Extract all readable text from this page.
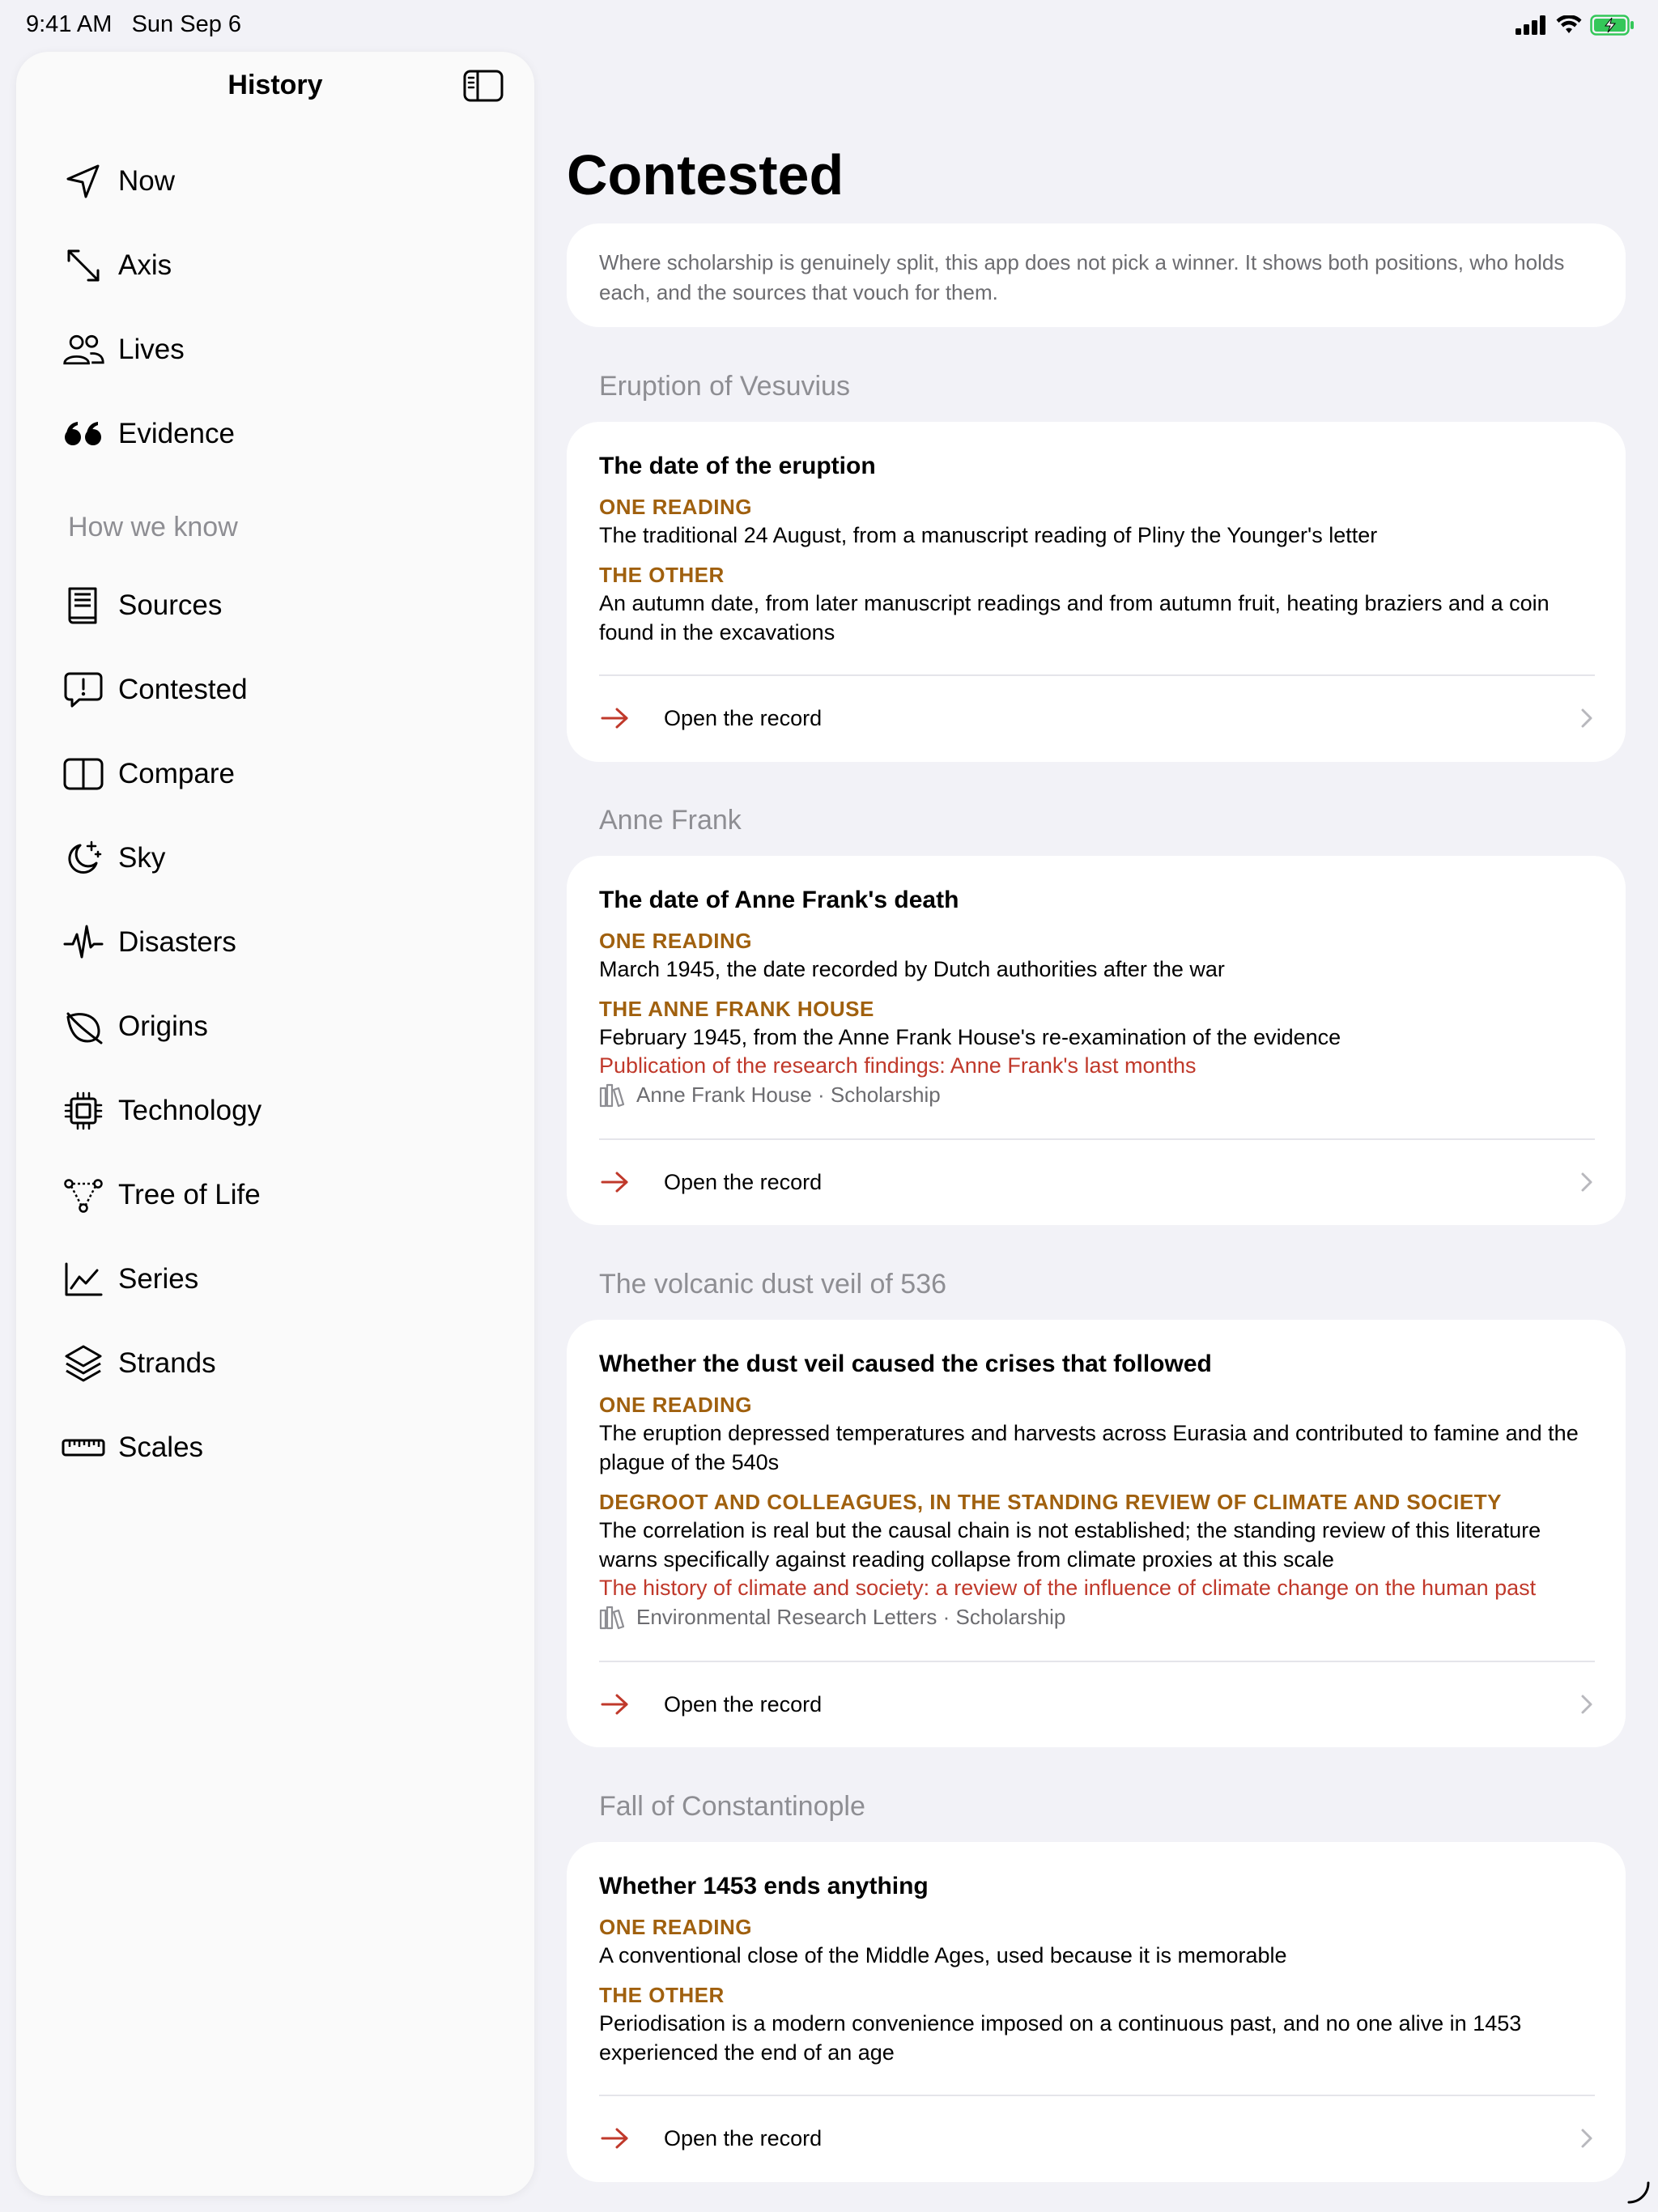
9:41 AM Sun Sep 6
History
Now
Axis
Lives
Evidence
How we know
Sources
Contested
Compare
Sky
Disasters
Origins
Technology
Tree of Life
Series
Strands
Scales
Contested
Where scholarship is genuinely split, this app does not pick a winner. It shows both positions, who holds each, and the sources that vouch for them.
Eruption of Vesuvius
The date of the eruption
ONE READING
The traditional 24 August, from a manuscript reading of Pliny the Younger's letter
THE OTHER
An autumn date, from later manuscript readings and from autumn fruit, heating braziers and a coin found in the excavations
Open the record
Anne Frank
The date of Anne Frank's death
ONE READING
March 1945, the date recorded by Dutch authorities after the war
THE ANNE FRANK HOUSE
February 1945, from the Anne Frank House's re-examination of the evidence
Publication of the research findings: Anne Frank's last months
Anne Frank House · Scholarship
Open the record
The volcanic dust veil of 536
Whether the dust veil caused the crises that followed
ONE READING
The eruption depressed temperatures and harvests across Eurasia and contributed to famine and the plague of the 540s
DEGROOT AND COLLEAGUES, IN THE STANDING REVIEW OF CLIMATE AND SOCIETY
The correlation is real but the causal chain is not established; the standing review of this literature warns specifically against reading collapse from climate proxies at this scale
The history of climate and society: a review of the influence of climate change on the human past
Environmental Research Letters · Scholarship
Open the record
Fall of Constantinople
Whether 1453 ends anything
ONE READING
A conventional close of the Middle Ages, used because it is memorable
THE OTHER
Periodisation is a modern convenience imposed on a continuous past, and no one alive in 1453 experienced the end of an age
Open the record
